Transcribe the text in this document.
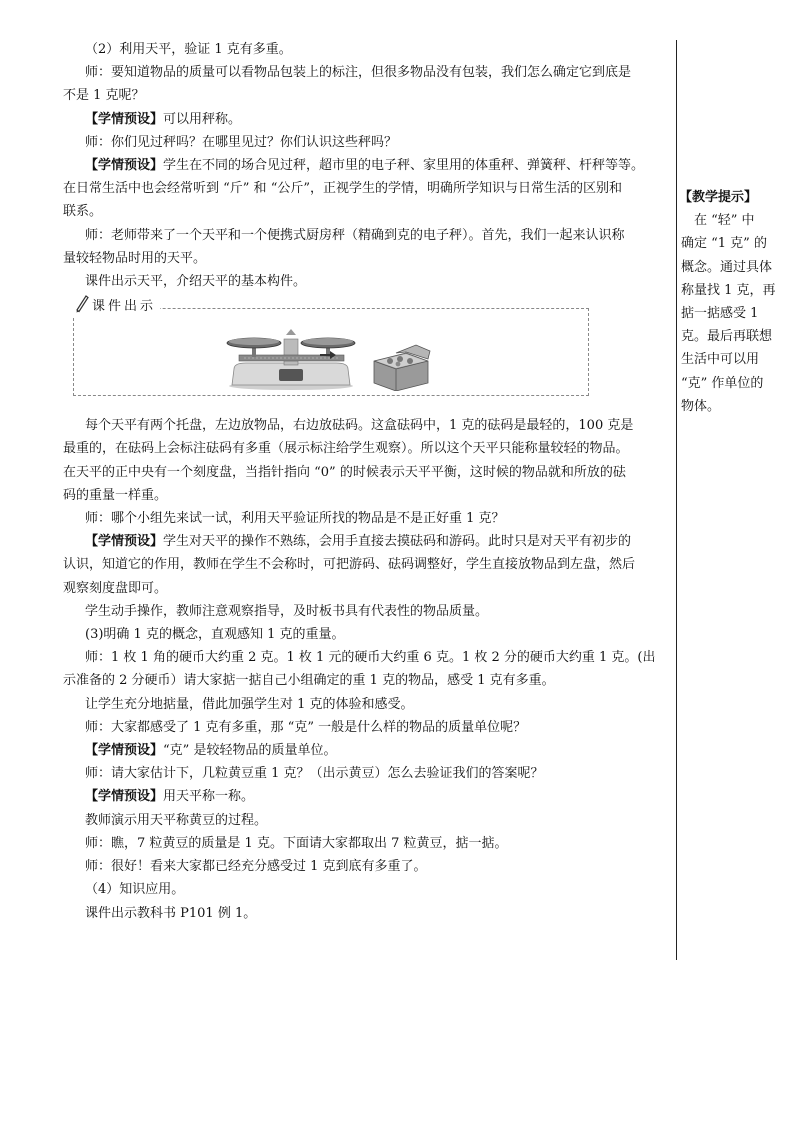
（2）利用天平，验证 1 克有多重。

师：要知道物品的质量可以看物品包装上的标注，但很多物品没有包装，我们怎么确定它到底是
不是 1 克呢？

【学情预设】可以用秤称。

师：你们见过秤吗？在哪里见过？你们认识这些秤吗？

【学情预设】学生在不同的场合见过秤，超市里的电子秤、家里用的体重秤、弹簧秤、杆秤等等。
在日常生活中也会经常听到 “斤” 和 “公斤”，正视学生的学情，明确所学知识与日常生活的区别和
联系。

师：老师带来了一个天平和一个便携式厨房秤（精确到克的电子秤）。首先，我们一起来认识称
量较轻物品时用的天平。

课件出示天平，介绍天平的基本构件。

课件出示

每个天平有两个托盘，左边放物品，右边放砝码。这盒砝码中，1 克的砝码是最轻的，100 克是
最重的，在砝码上会标注砝码有多重（展示标注给学生观察）。所以这个天平只能称量较轻的物品。
在天平的正中央有一个刻度盘，当指针指向 “0” 的时候表示天平平衡，这时候的物品就和所放的砝
码的重量一样重。

师：哪个小组先来试一试，利用天平验证所找的物品是不是正好重 1 克？

【学情预设】学生对天平的操作不熟练，会用手直接去摸砝码和游码。此时只是对天平有初步的
认识，知道它的作用，教师在学生不会称时，可把游码、砝码调整好，学生直接放物品到左盘，然后
观察刻度盘即可。

学生动手操作，教师注意观察指导，及时板书具有代表性的物品质量。

(3)明确 1 克的概念，直观感知 1 克的重量。

师：1 枚 1 角的硬币大约重 2 克。1 枚 1 元的硬币大约重 6 克。1 枚 2 分的硬币大约重 1 克。(出
示准备的 2 分硬币）请大家掂一掂自己小组确定的重 1 克的物品，感受 1 克有多重。

让学生充分地掂量，借此加强学生对 1 克的体验和感受。

师：大家都感受了 1 克有多重，那 “克” 一般是什么样的物品的质量单位呢？

【学情预设】“克” 是较轻物品的质量单位。

师：请大家估计下，几粒黄豆重 1 克？（出示黄豆）怎么去验证我们的答案呢？

【学情预设】用天平称一称。

教师演示用天平称黄豆的过程。

师：瞧，7 粒黄豆的质量是 1 克。下面请大家都取出 7 粒黄豆，掂一掂。

师：很好！看来大家都已经充分感受过 1 克到底有多重了。

（4）知识应用。

课件出示教科书 P101 例 1。

【教学提示】

　在 “轻” 中

确定 “1 克” 的

概念。通过具体

称量找 1 克，再

掂一掂感受 1

克。最后再联想

生活中可以用

“克” 作单位的

物体。
